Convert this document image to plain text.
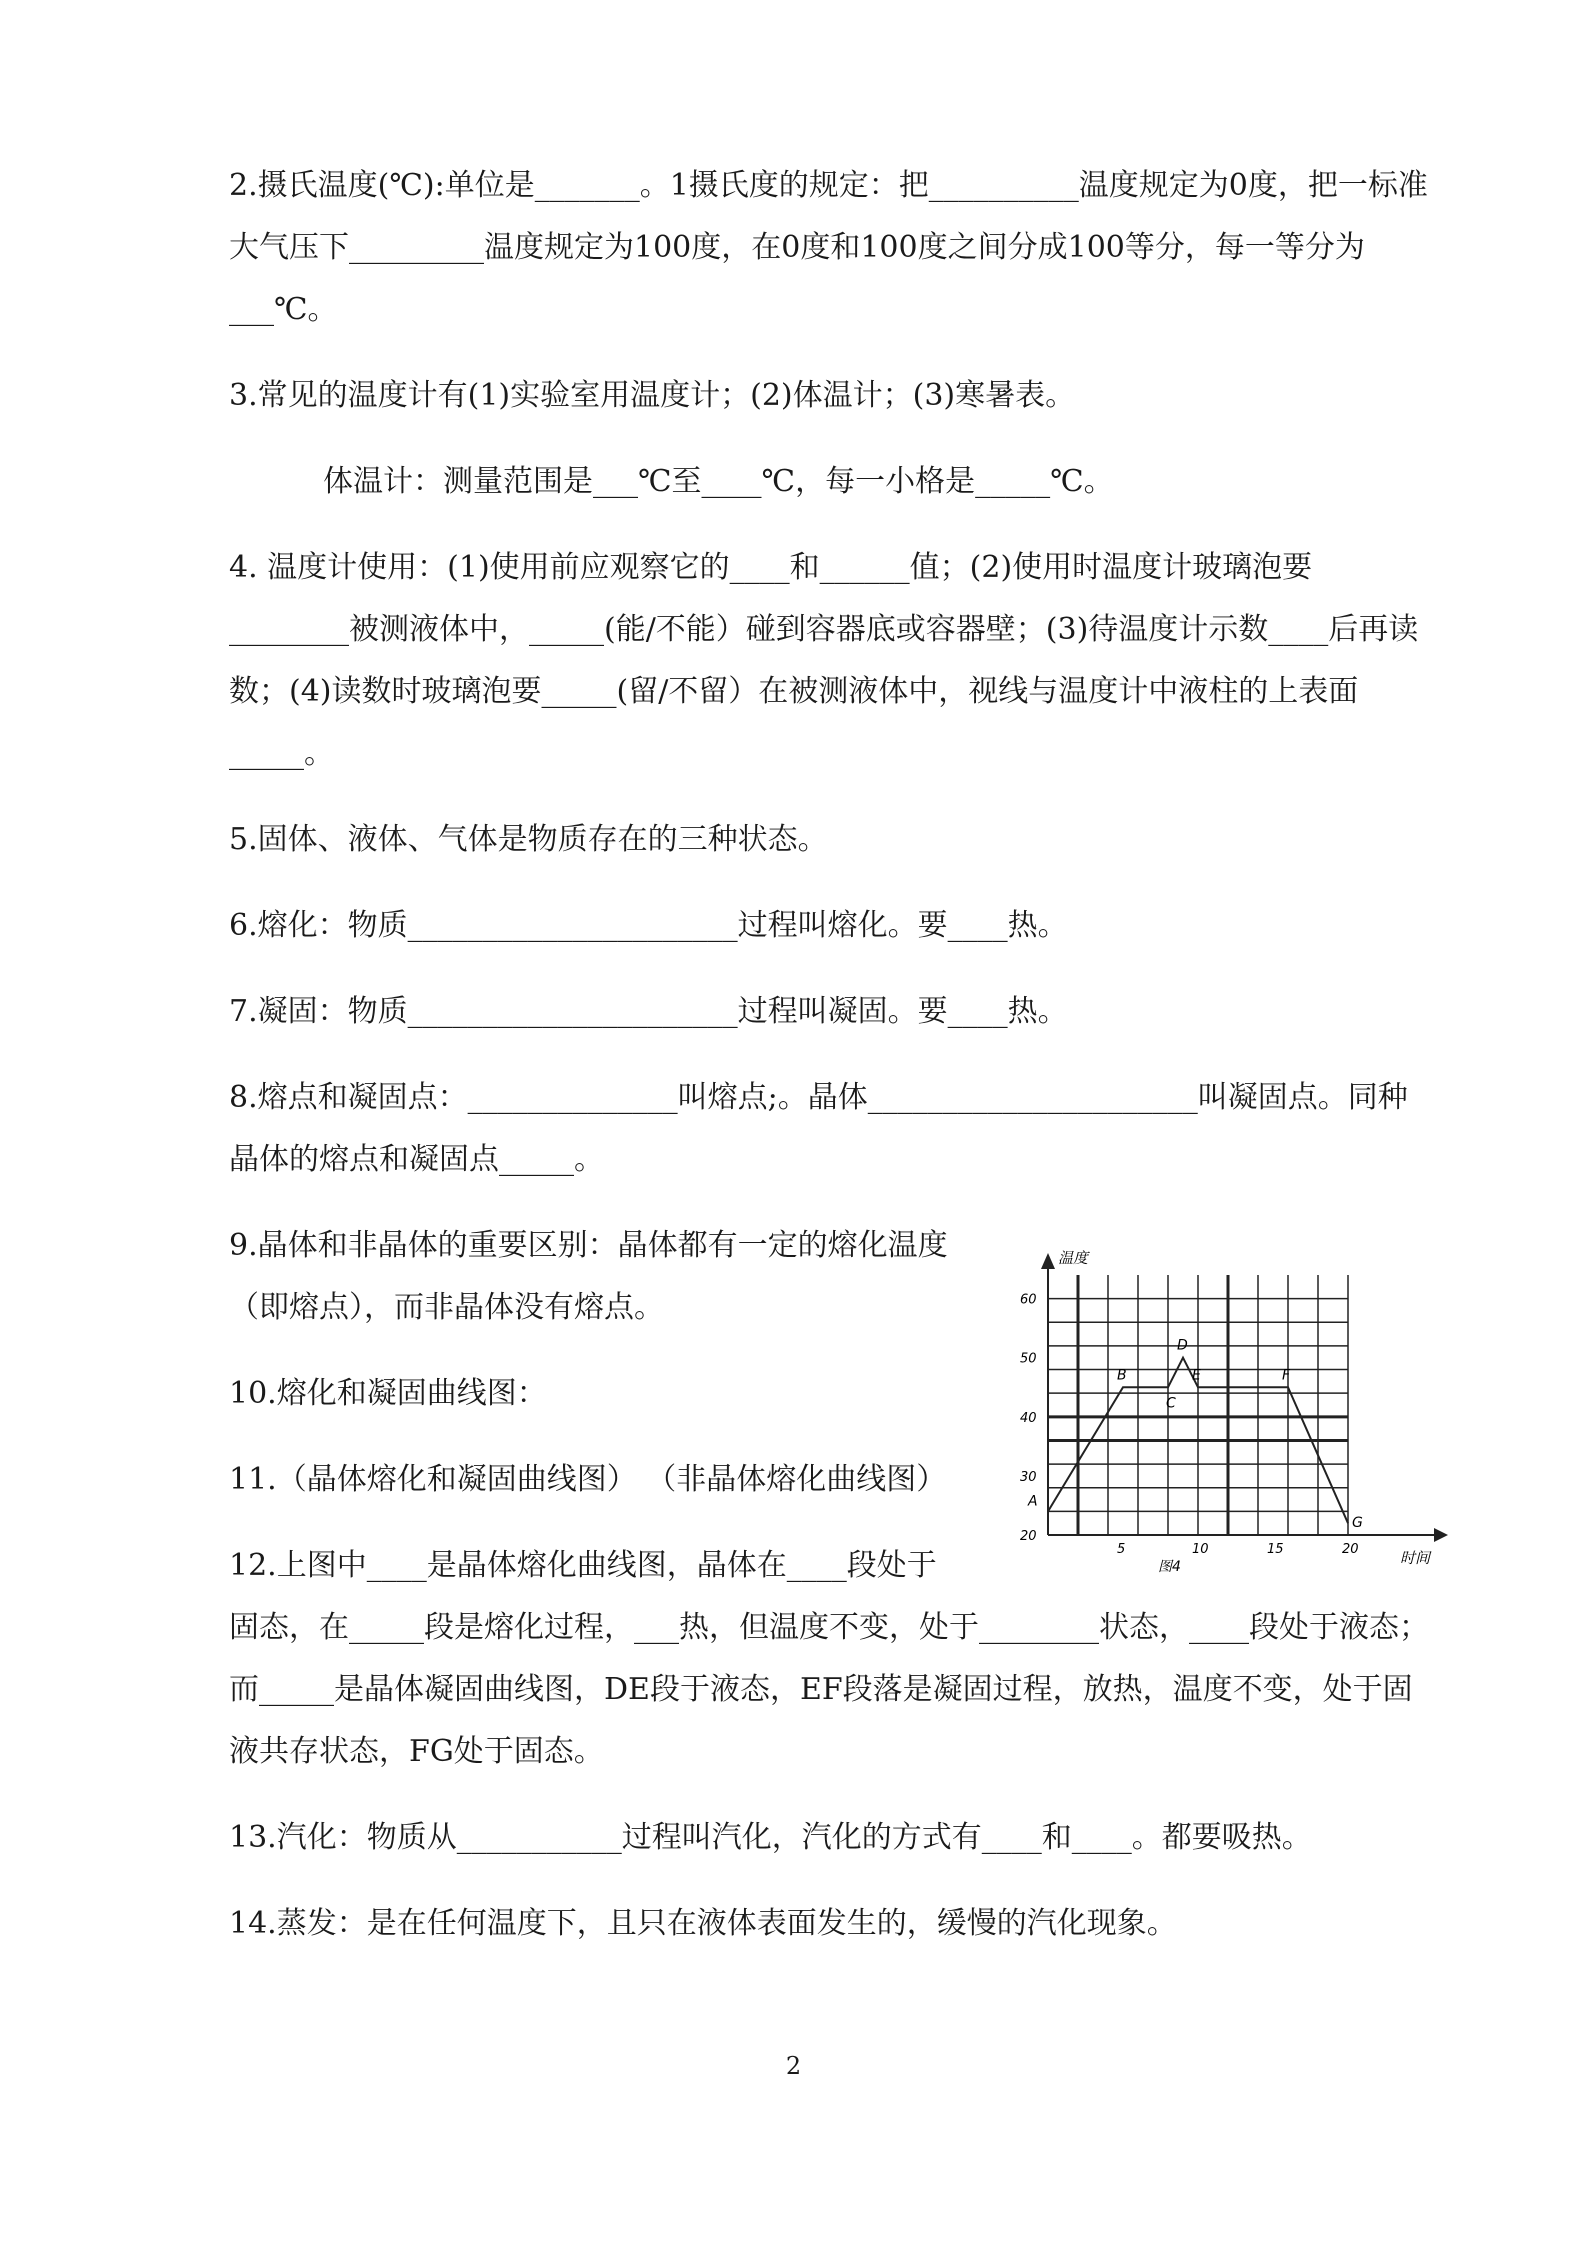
2.摄氏温度(℃):单位是_______。1摄氏度的规定：把__________温度规定为0度，把一标准大气压下_________温度规定为100度，在0度和100度之间分成100等分，每一等分为___℃。

3.常见的温度计有(1)实验室用温度计；(2)体温计；(3)寒暑表。

体温计：测量范围是___℃至____℃，每一小格是_____℃。

4. 温度计使用：(1)使用前应观察它的____和______值；(2)使用时温度计玻璃泡要________被测液体中，_____(能/不能）碰到容器底或容器壁；(3)待温度计示数____后再读数；(4)读数时玻璃泡要_____(留/不留）在被测液体中，视线与温度计中液柱的上表面_____。

5.固体、液体、气体是物质存在的三种状态。

6.熔化：物质______________________过程叫熔化。要____热。

7.凝固：物质______________________过程叫凝固。要____热。

8.熔点和凝固点：______________叫熔点;。晶体______________________叫凝固点。同种晶体的熔点和凝固点_____。

9.晶体和非晶体的重要区别：晶体都有一定的熔化温度（即熔点），而非晶体没有熔点。

10.熔化和凝固曲线图：

11.（晶体熔化和凝固曲线图） （非晶体熔化曲线图）

12.上图中____是晶体熔化曲线图，晶体在____段处于

固态，在_____段是熔化过程，___热，但温度不变，处于________状态，____段处于液态；而_____是晶体凝固曲线图，DE段于液态，EF段落是凝固过程，放热，温度不变，处于固液共存状态，FG处于固态。

13.汽化：物质从___________过程叫汽化，汽化的方式有____和____。都要吸热。

14.蒸发：是在任何温度下，且只在液体表面发生的，缓慢的汽化现象。

5	10	15	20
20
30
40
50
60
A
B
C
D
E	F
G
温度
时间
图4
2
